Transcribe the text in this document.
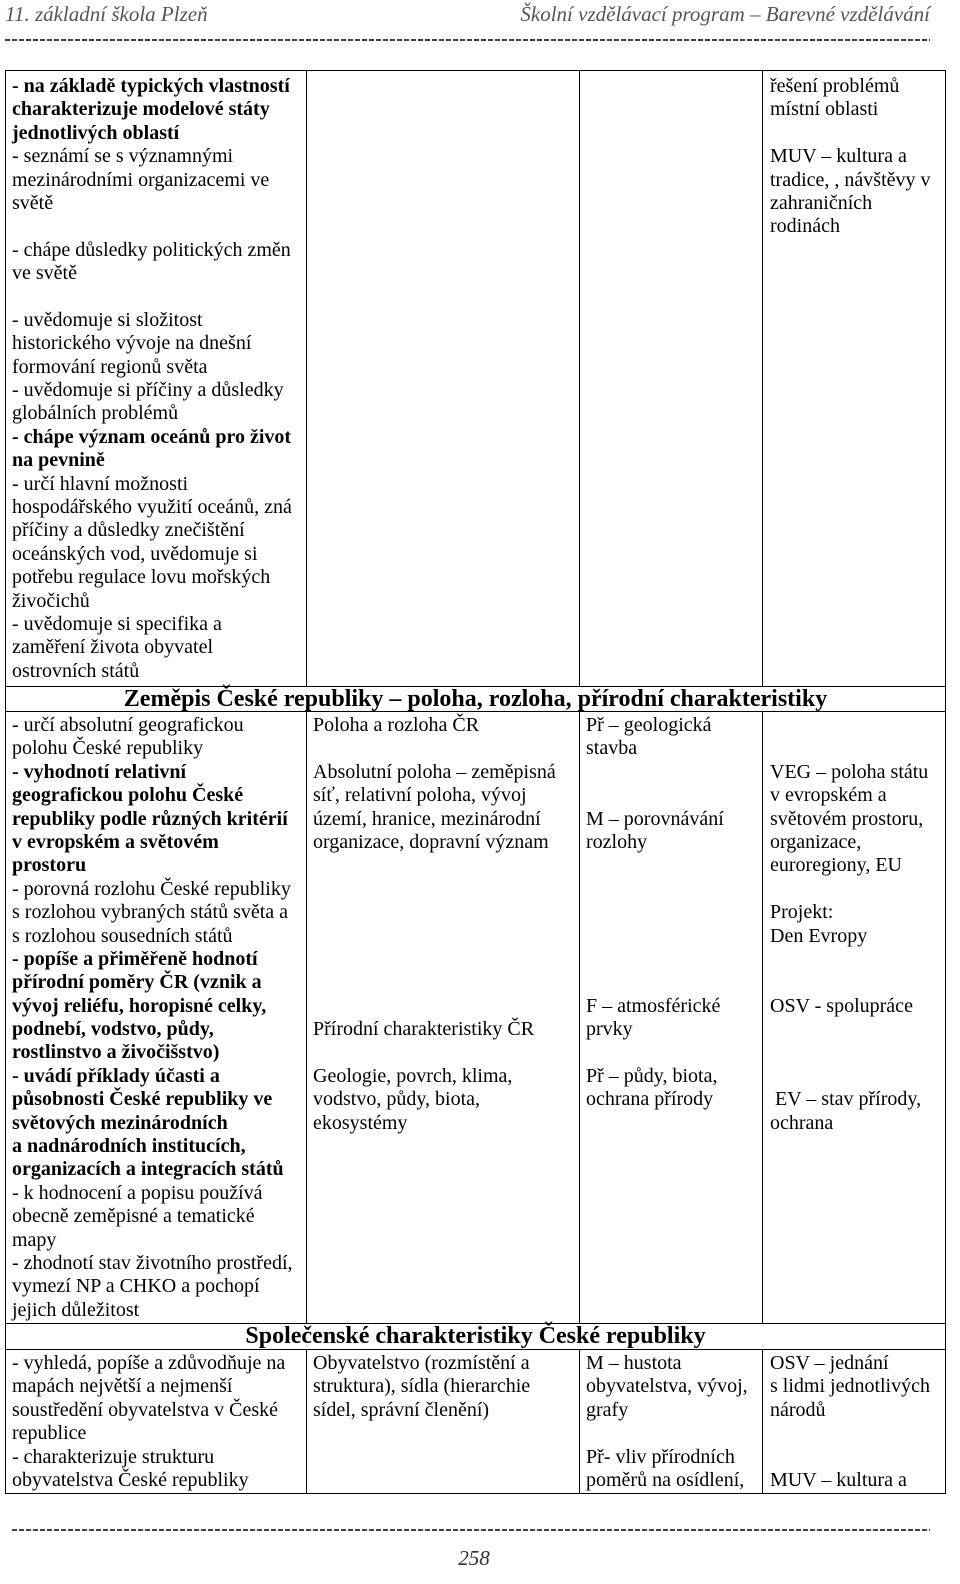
11. základní škola Plzeň	Školní vzdělávací program – Barevné vzdělávání
- na základě typických vlastností
charakterizuje modelové státy
jednotlivých oblastí
- seznámí se s významnými
mezinárodními organizacemi ve
světě
- chápe důsledky politických změn
ve světě
- uvědomuje si složitost
historického vývoje na dnešní
formování regionů světa
- uvědomuje si příčiny a důsledky
globálních problémů
- chápe význam oceánů pro život
na pevnině
- určí hlavní možnosti
hospodářského využití oceánů, zná
příčiny a důsledky znečištění
oceánských vod, uvědomuje si
potřebu regulace lovu mořských
živočichů
- uvědomuje si specifika a
zaměření života obyvatel
ostrovních států
řešení problémů
místní oblasti
MUV – kultura a
tradice, , návštěvy v
zahraničních
rodinách
Zeměpis České republiky – poloha, rozloha, přírodní charakteristiky
- určí absolutní geografickou
polohu České republiky
- vyhodnotí relativní
geografickou polohu České
republiky podle různých kritérií
v evropském a světovém
prostoru
- porovná rozlohu České republiky
s rozlohou vybraných států světa a
s rozlohou sousedních států
- popíše a přiměřeně hodnotí
přírodní poměry ČR (vznik a
vývoj reliéfu, horopisné celky,
podnebí, vodstvo, půdy,
rostlinstvo a živočišstvo)
- uvádí příklady účasti a
působnosti České republiky ve
světových mezinárodních
a nadnárodních institucích,
organizacích a integracích států
- k hodnocení a popisu používá
obecně zeměpisné a tematické
mapy
- zhodnotí stav životního prostředí,
vymezí NP a CHKO a pochopí
jejich důležitost
Poloha a rozloha ČR
Absolutní poloha – zeměpisná
síť, relativní poloha, vývoj
území, hranice, mezinárodní
organizace, dopravní význam
Přírodní charakteristiky ČR
Geologie, povrch, klima,
vodstvo, půdy, biota,
ekosystémy
Př – geologická
stavba
M – porovnávání
rozlohy
F – atmosférické
prvky
Př – půdy, biota,
ochrana přírody
VEG – poloha státu
v evropském a
světovém prostoru,
organizace,
euroregiony, EU
Projekt:
Den Evropy
OSV - spolupráce
EV – stav přírody,
ochrana
Společenské charakteristiky České republiky
- vyhledá, popíše a zdůvodňuje na
mapách největší a nejmenší
soustředění obyvatelstva v České
republice
- charakterizuje strukturu
obyvatelstva České republiky
Obyvatelstvo (rozmístění a
struktura), sídla (hierarchie
sídel, správní členění)
M – hustota
obyvatelstva, vývoj,
grafy
Př- vliv přírodních
poměrů na osídlení,
OSV – jednání
s lidmi jednotlivých
národů
MUV – kultura a
258
